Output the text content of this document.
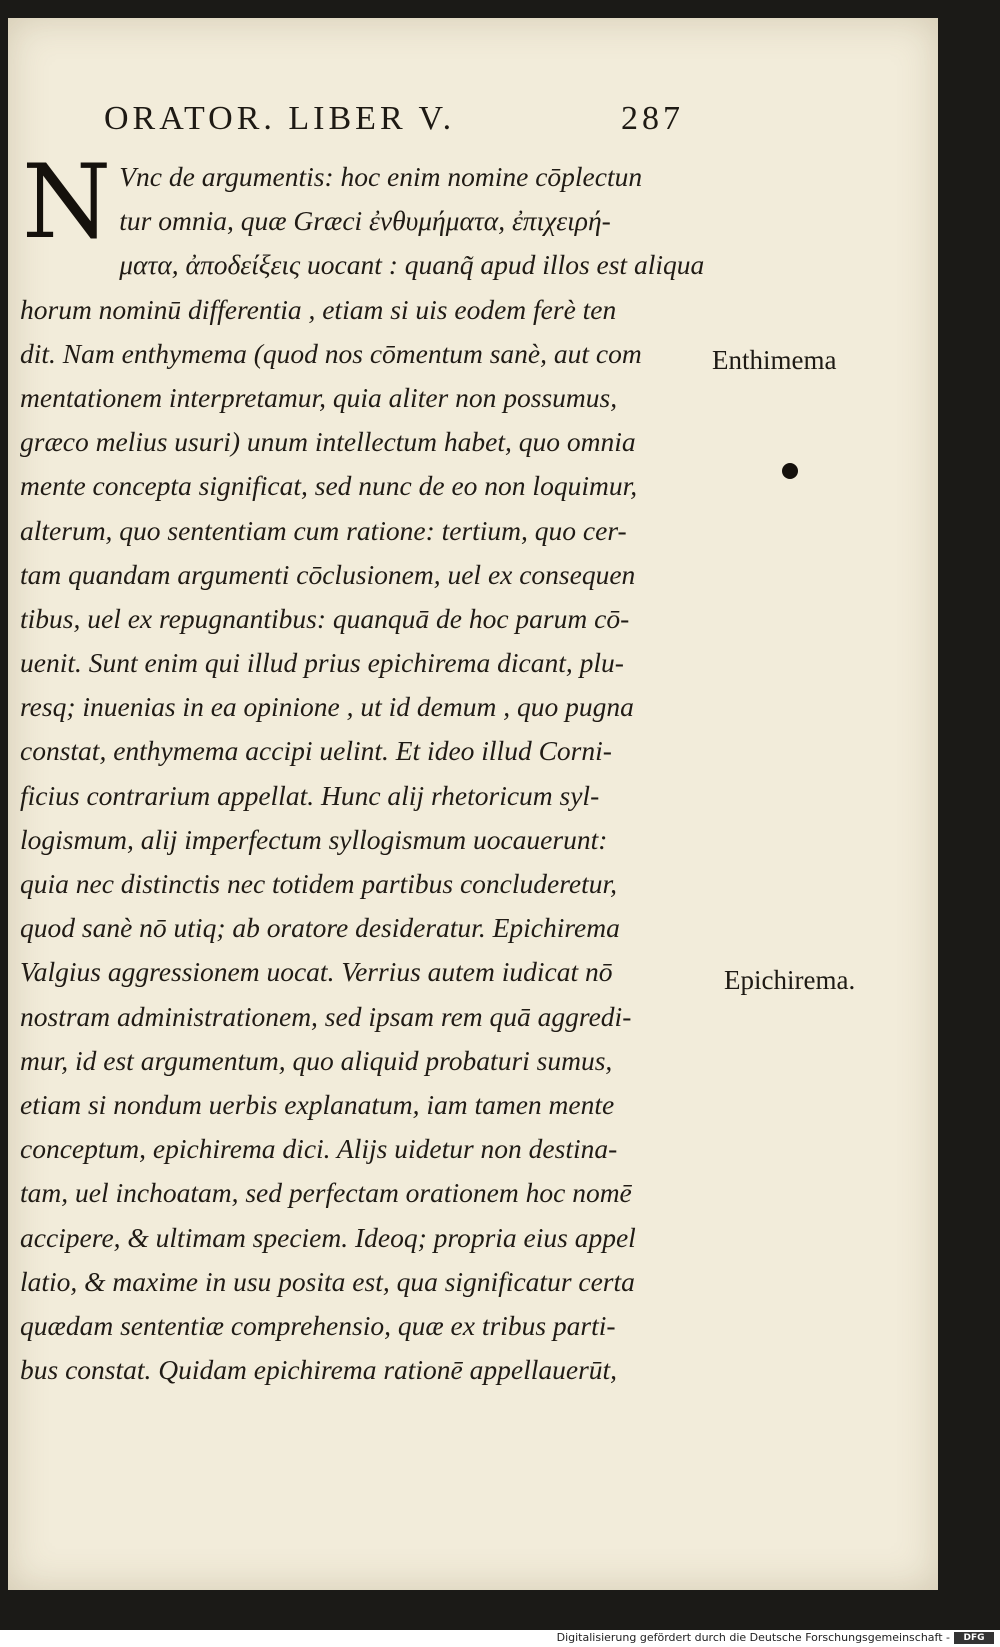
ORATOR. LIBER V.	287
N Vnc de argumentis: hoc enim nomine cōplectun
tur omnia, quæ Græci ἐνθυμήματα, ἐπιχειρή-
ματα, ἀποδείξεις uocant : quanq̃ apud illos est aliqua
horum nominū differentia , etiam si uis eodem ferè ten
dit. Nam enthymema (quod nos cōmentum sanè, aut com
mentationem interpretamur, quia aliter non possumus,
græco melius usuri) unum intellectum habet, quo omnia
mente concepta significat, sed nunc de eo non loquimur,
alterum, quo sententiam cum ratione: tertium, quo cer-
tam quandam argumenti cōclusionem, uel ex consequen
tibus, uel ex repugnantibus: quanquā de hoc parum cō-
uenit. Sunt enim qui illud prius epichirema dicant, plu-
resq; inuenias in ea opinione , ut id demum , quo pugna
constat, enthymema accipi uelint. Et ideo illud Corni-
ficius contrarium appellat. Hunc alij rhetoricum syl-
logismum, alij imperfectum syllogismum uocauerunt:
quia nec distinctis nec totidem partibus concluderetur,
quod sanè nō utiq; ab oratore desideratur. Epichirema
Valgius aggressionem uocat. Verrius autem iudicat nō
nostram administrationem, sed ipsam rem quā aggredi-
mur, id est argumentum, quo aliquid probaturi sumus,
etiam si nondum uerbis explanatum, iam tamen mente
conceptum, epichirema dici. Alijs uidetur non destina-
tam, uel inchoatam, sed perfectam orationem hoc nomē
accipere, & ultimam speciem. Ideoq; propria eius appel
latio, & maxime in usu posita est, qua significatur certa
quædam sententiæ comprehensio, quæ ex tribus parti-
bus constat. Quidam epichirema rationē appellauerūt,
Enthimema
Epichirema.
Digitalisierung gefördert durch die Deutsche Forschungsgemeinschaft -	DFG
